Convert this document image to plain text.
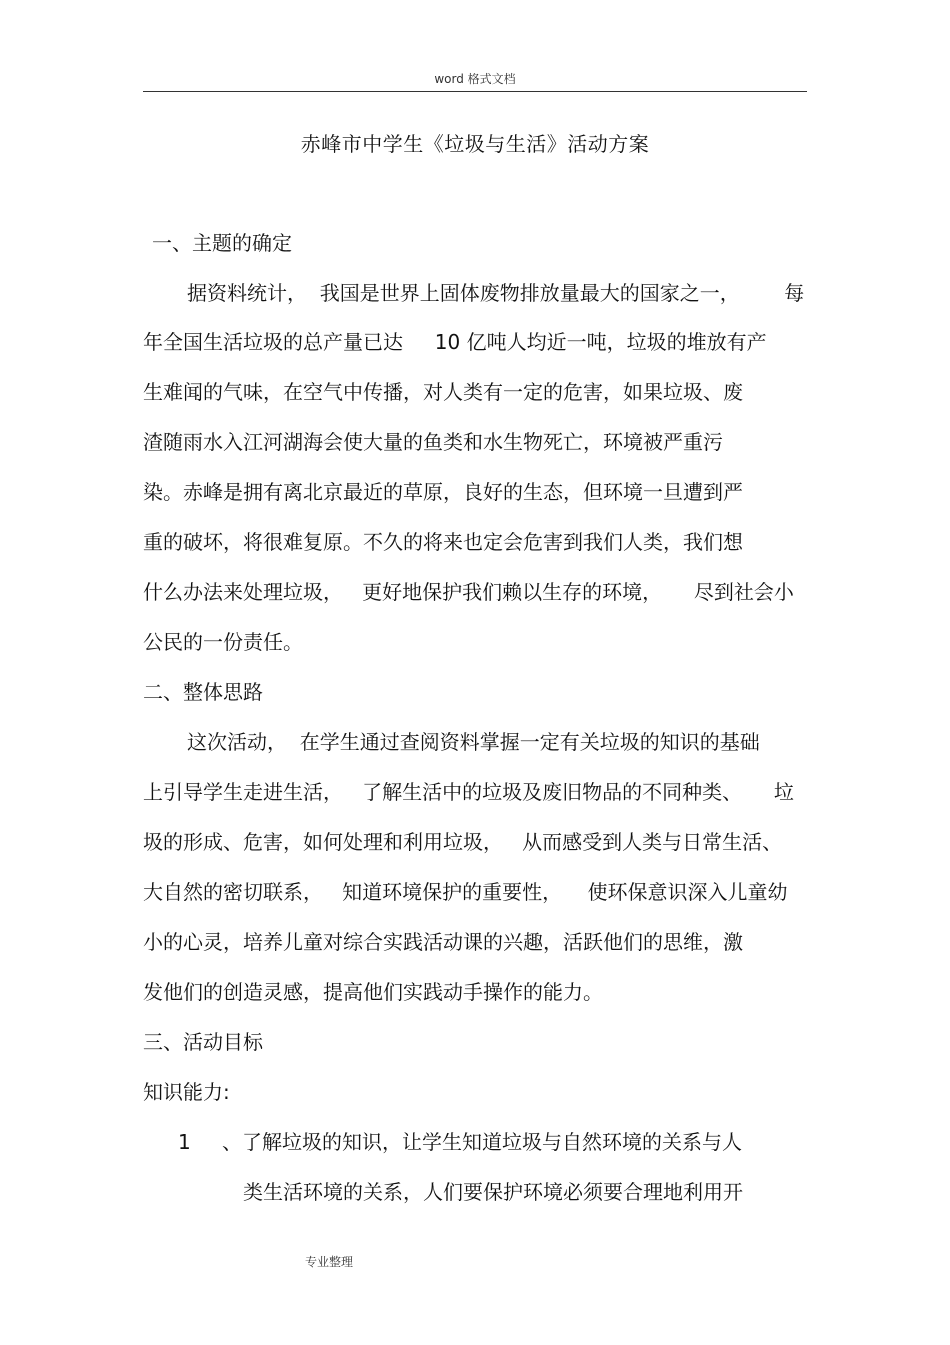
word 格式文档
赤峰市中学生《垃圾与生活》活动方案
一、主题的确定
据资料统计，  我国是世界上固体废物排放量最大的国家之一，       每
年全国生活垃圾的总产量已达     10 亿吨人均近一吨，垃圾的堆放有产
生难闻的气味，在空气中传播，对人类有一定的危害，如果垃圾、废
渣随雨水入江河湖海会使大量的鱼类和水生物死亡，环境被严重污
染。赤峰是拥有离北京最近的草原，良好的生态，但环境一旦遭到严
重的破坏，将很难复原。不久的将来也定会危害到我们人类，我们想
什么办法来处理垃圾，   更好地保护我们赖以生存的环境，     尽到社会小
公民的一份责任。
二、整体思路
这次活动，  在学生通过查阅资料掌握一定有关垃圾的知识的基础
上引导学生走进生活，   了解生活中的垃圾及废旧物品的不同种类、     垃
圾的形成、危害，如何处理和利用垃圾，   从而感受到人类与日常生活、
大自然的密切联系，   知道环境保护的重要性，    使环保意识深入儿童幼
小的心灵，培养儿童对综合实践活动课的兴趣，活跃他们的思维，激
发他们的创造灵感，提高他们实践动手操作的能力。
三、活动目标
知识能力:
1 、了解垃圾的知识，让学生知道垃圾与自然环境的关系与人
类生活环境的关系，人们要保护环境必须要合理地利用开
专业整理
